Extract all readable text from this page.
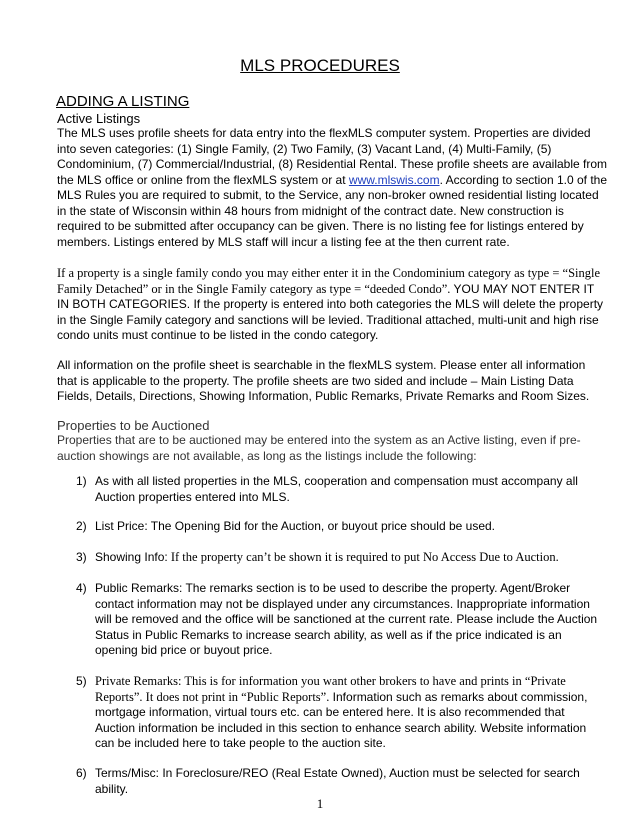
MLS PROCEDURES
ADDING A LISTING
Active Listings
The MLS uses profile sheets for data entry into the flexMLS computer system. Properties are divided into seven categories: (1) Single Family, (2) Two Family, (3) Vacant Land, (4) Multi-Family, (5) Condominium, (7) Commercial/Industrial, (8) Residential Rental. These profile sheets are available from the MLS office or online from the flexMLS system or at www.mlswis.com. According to section 1.0 of the MLS Rules you are required to submit, to the Service, any non-broker owned residential listing located in the state of Wisconsin within 48 hours from midnight of the contract date. New construction is required to be submitted after occupancy can be given. There is no listing fee for listings entered by members. Listings entered by MLS staff will incur a listing fee at the then current rate.
If a property is a single family condo you may either enter it in the Condominium category as type = “Single Family Detached” or in the Single Family category as type = “deeded Condo”. YOU MAY NOT ENTER IT IN BOTH CATEGORIES. If the property is entered into both categories the MLS will delete the property in the Single Family category and sanctions will be levied. Traditional attached, multi-unit and high rise condo units must continue to be listed in the condo category.
All information on the profile sheet is searchable in the flexMLS system. Please enter all information that is applicable to the property. The profile sheets are two sided and include – Main Listing Data Fields, Details, Directions, Showing Information, Public Remarks, Private Remarks and Room Sizes.
Properties to be Auctioned
Properties that are to be auctioned may be entered into the system as an Active listing, even if pre-auction showings are not available, as long as the listings include the following:
1) As with all listed properties in the MLS, cooperation and compensation must accompany all Auction properties entered into MLS.
2) List Price: The Opening Bid for the Auction, or buyout price should be used.
3) Showing Info: If the property can’t be shown it is required to put No Access Due to Auction.
4) Public Remarks: The remarks section is to be used to describe the property. Agent/Broker contact information may not be displayed under any circumstances. Inappropriate information will be removed and the office will be sanctioned at the current rate. Please include the Auction Status in Public Remarks to increase search ability, as well as if the price indicated is an opening bid price or buyout price.
5) Private Remarks: This is for information you want other brokers to have and prints in “Private Reports”. It does not print in “Public Reports”. Information such as remarks about commission, mortgage information, virtual tours etc. can be entered here. It is also recommended that Auction information be included in this section to enhance search ability. Website information can be included here to take people to the auction site.
6) Terms/Misc: In Foreclosure/REO (Real Estate Owned), Auction must be selected for search ability.
1
